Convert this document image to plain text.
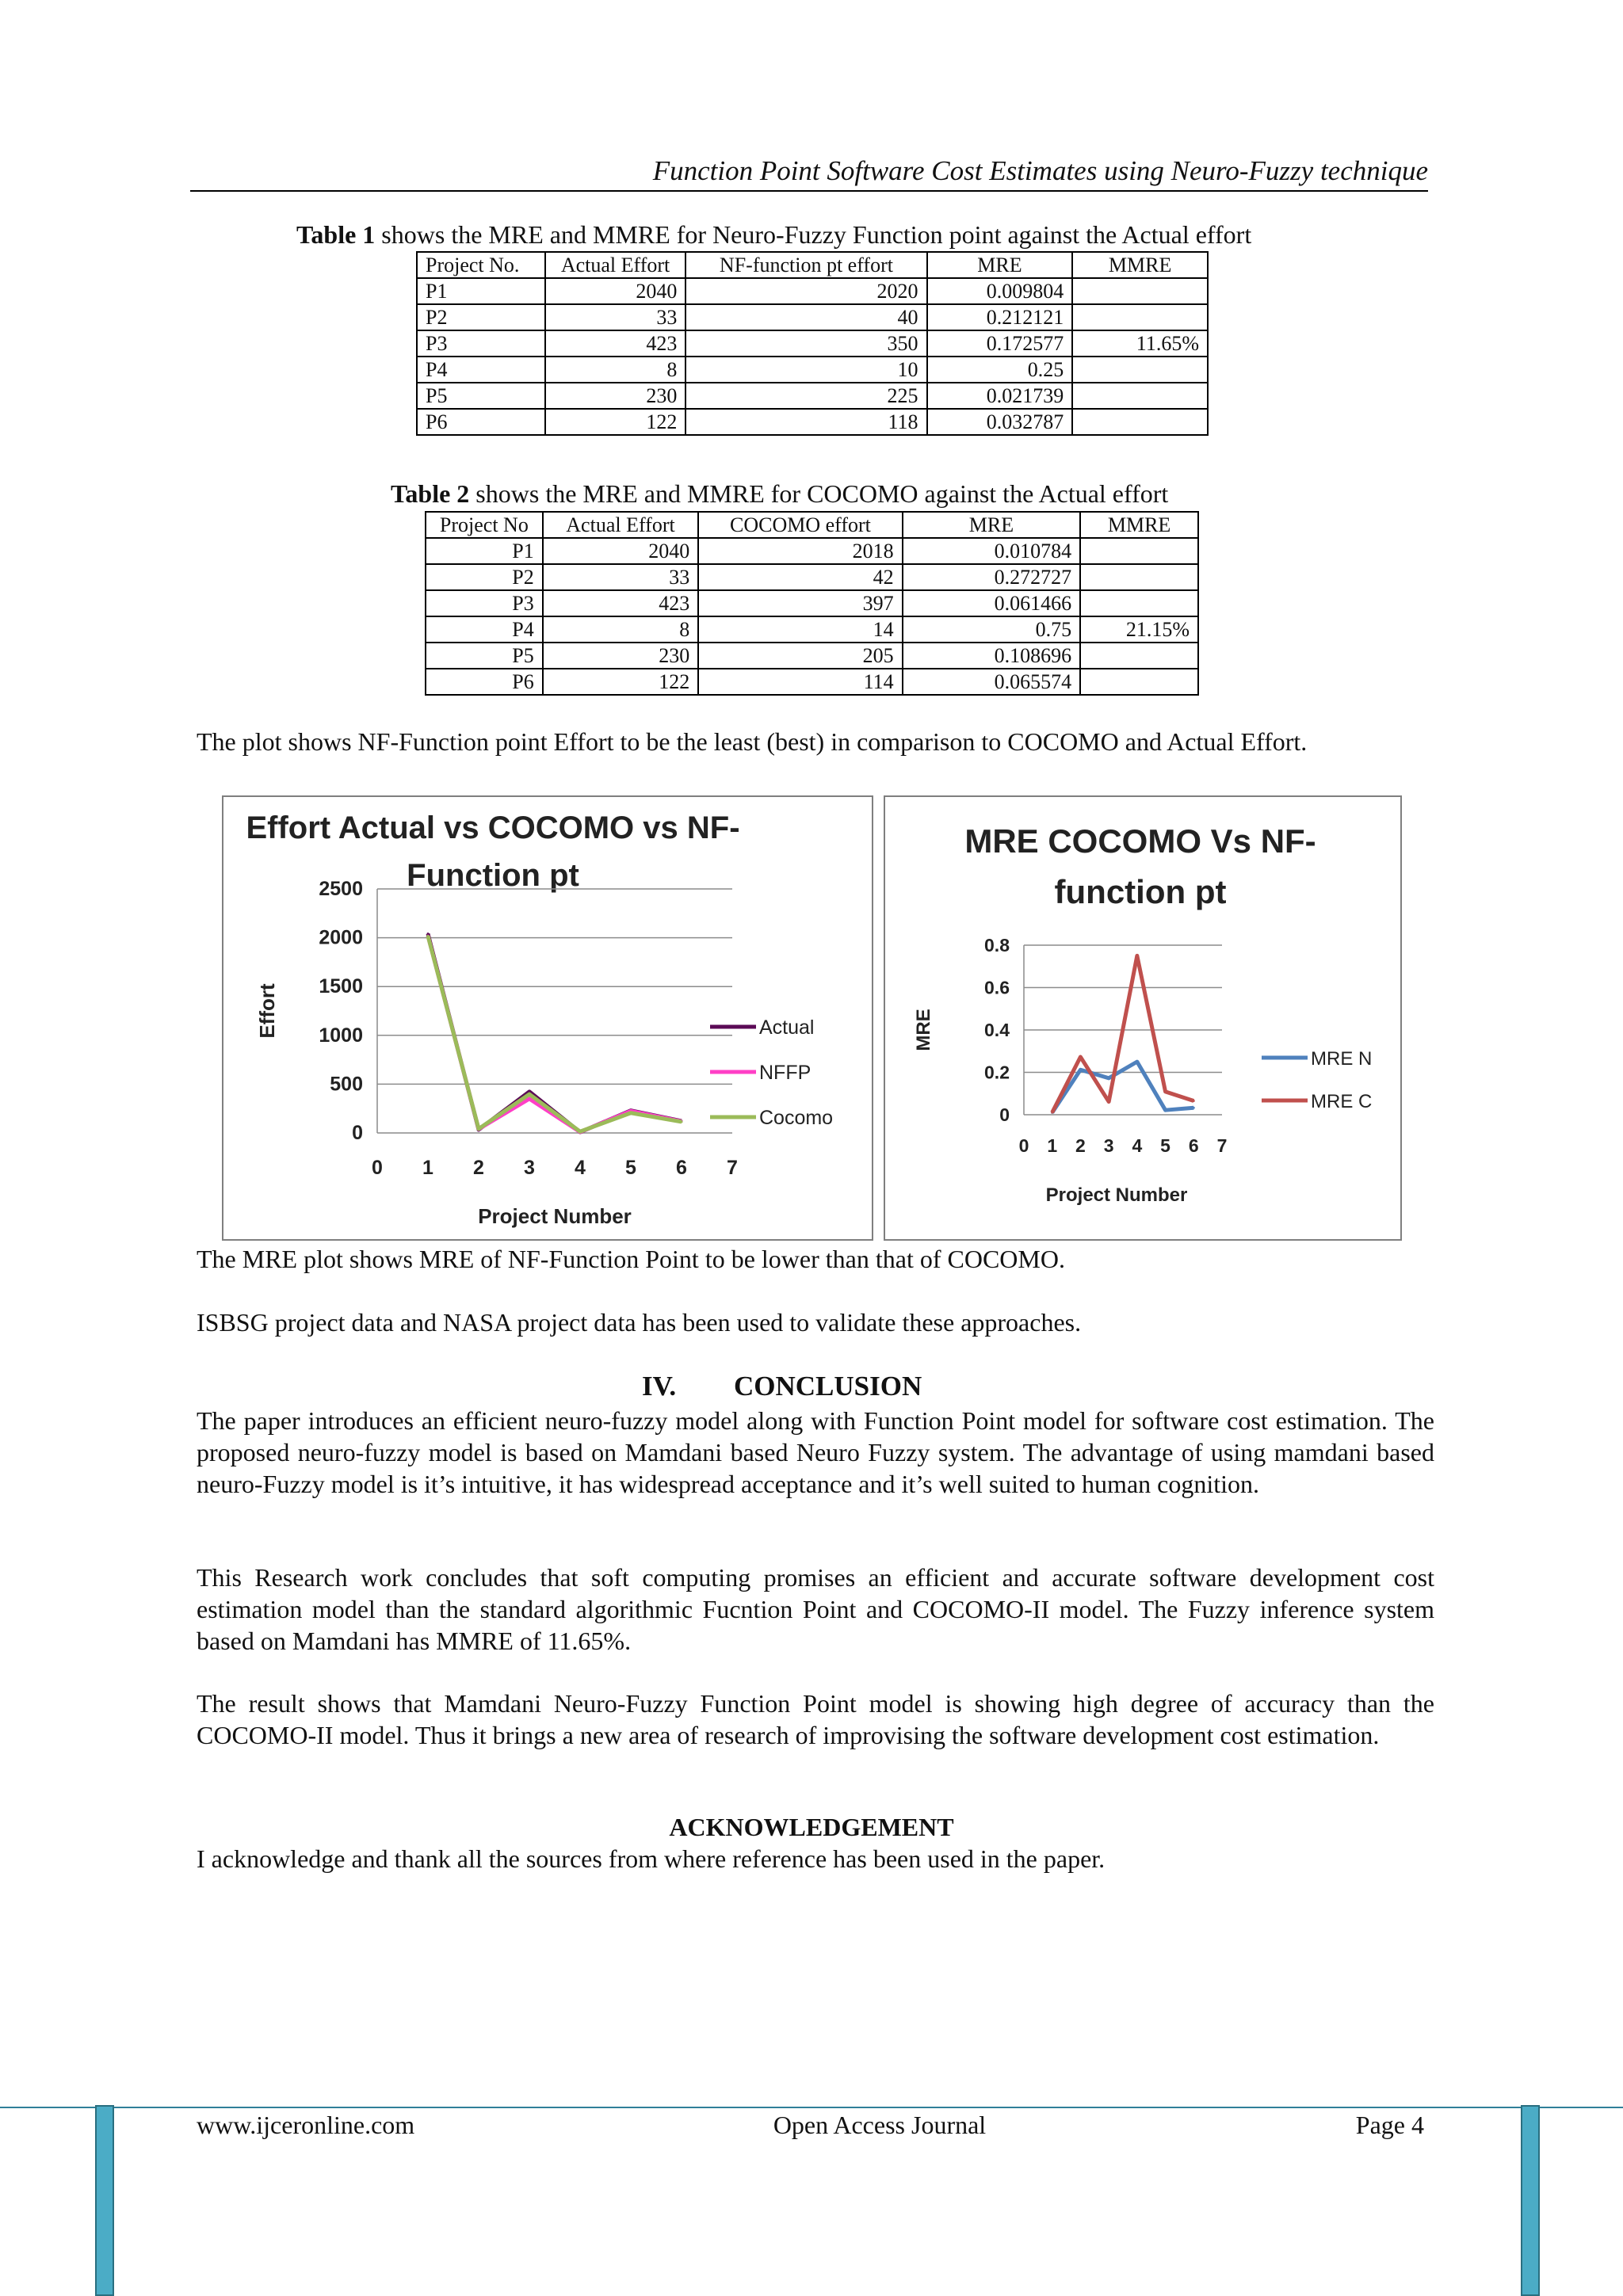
Function Point Software Cost Estimates using Neuro-Fuzzy technique
Table 1 shows the MRE and MMRE for Neuro-Fuzzy Function point against the Actual effort
Project No.	Actual Effort	NF-function pt effort	MRE	MMRE
P1	2040	2020	0.009804	
P2	33	40	0.212121	
P3	423	350	0.172577	11.65%
P4	8	10	0.25	
P5	230	225	0.021739	
P6	122	118	0.032787	
Table 2 shows the MRE and MMRE for COCOMO against the Actual effort
Project No	Actual Effort	COCOMO effort	MRE	MMRE
P1	2040	2018	0.010784	
P2	33	42	0.272727	
P3	423	397	0.061466	
P4	8	14	0.75	21.15%
P5	230	205	0.108696	
P6	122	114	0.065574	
The plot shows NF-Function point Effort to be the least (best) in comparison to COCOMO and Actual Effort.
Effort Actual vs COCOMO vs NF-
Function pt
0
500
1000
1500
2000
2500
0 1 2 3 4 5 6 7
Project Number
Effort	Actual
NFFP
Cocomo
MRE COCOMO Vs NF-
function pt
0
0.2
0.4
0.6
0.8
0 1 2 3 4 5 6 7
Project Number
MRE
MRE N
MRE C
The MRE plot shows MRE of NF-Function Point to be lower than that of COCOMO.
ISBSG project data and NASA project data has been used to validate these approaches.
IV. CONCLUSION
The paper introduces an efficient neuro-fuzzy model along with Function Point model for software cost estimation. The proposed neuro-fuzzy model is based on Mamdani based Neuro Fuzzy system. The advantage of using mamdani based neuro-Fuzzy model is it’s intuitive, it has widespread acceptance and it’s well suited to human cognition.
This Research work concludes that soft computing promises an efficient and accurate software development cost estimation model than the standard algorithmic Fucntion Point and COCOMO-II model. The Fuzzy inference system based on Mamdani has MMRE of 11.65%.
The result shows that Mamdani Neuro-Fuzzy Function Point model is showing high degree of accuracy than the COCOMO-II model. Thus it brings a new area of research of improvising the software development cost estimation.
ACKNOWLEDGEMENT
I acknowledge and thank all the sources from where reference has been used in the paper.
www.ijceronline.com	Open Access Journal	Page 4
